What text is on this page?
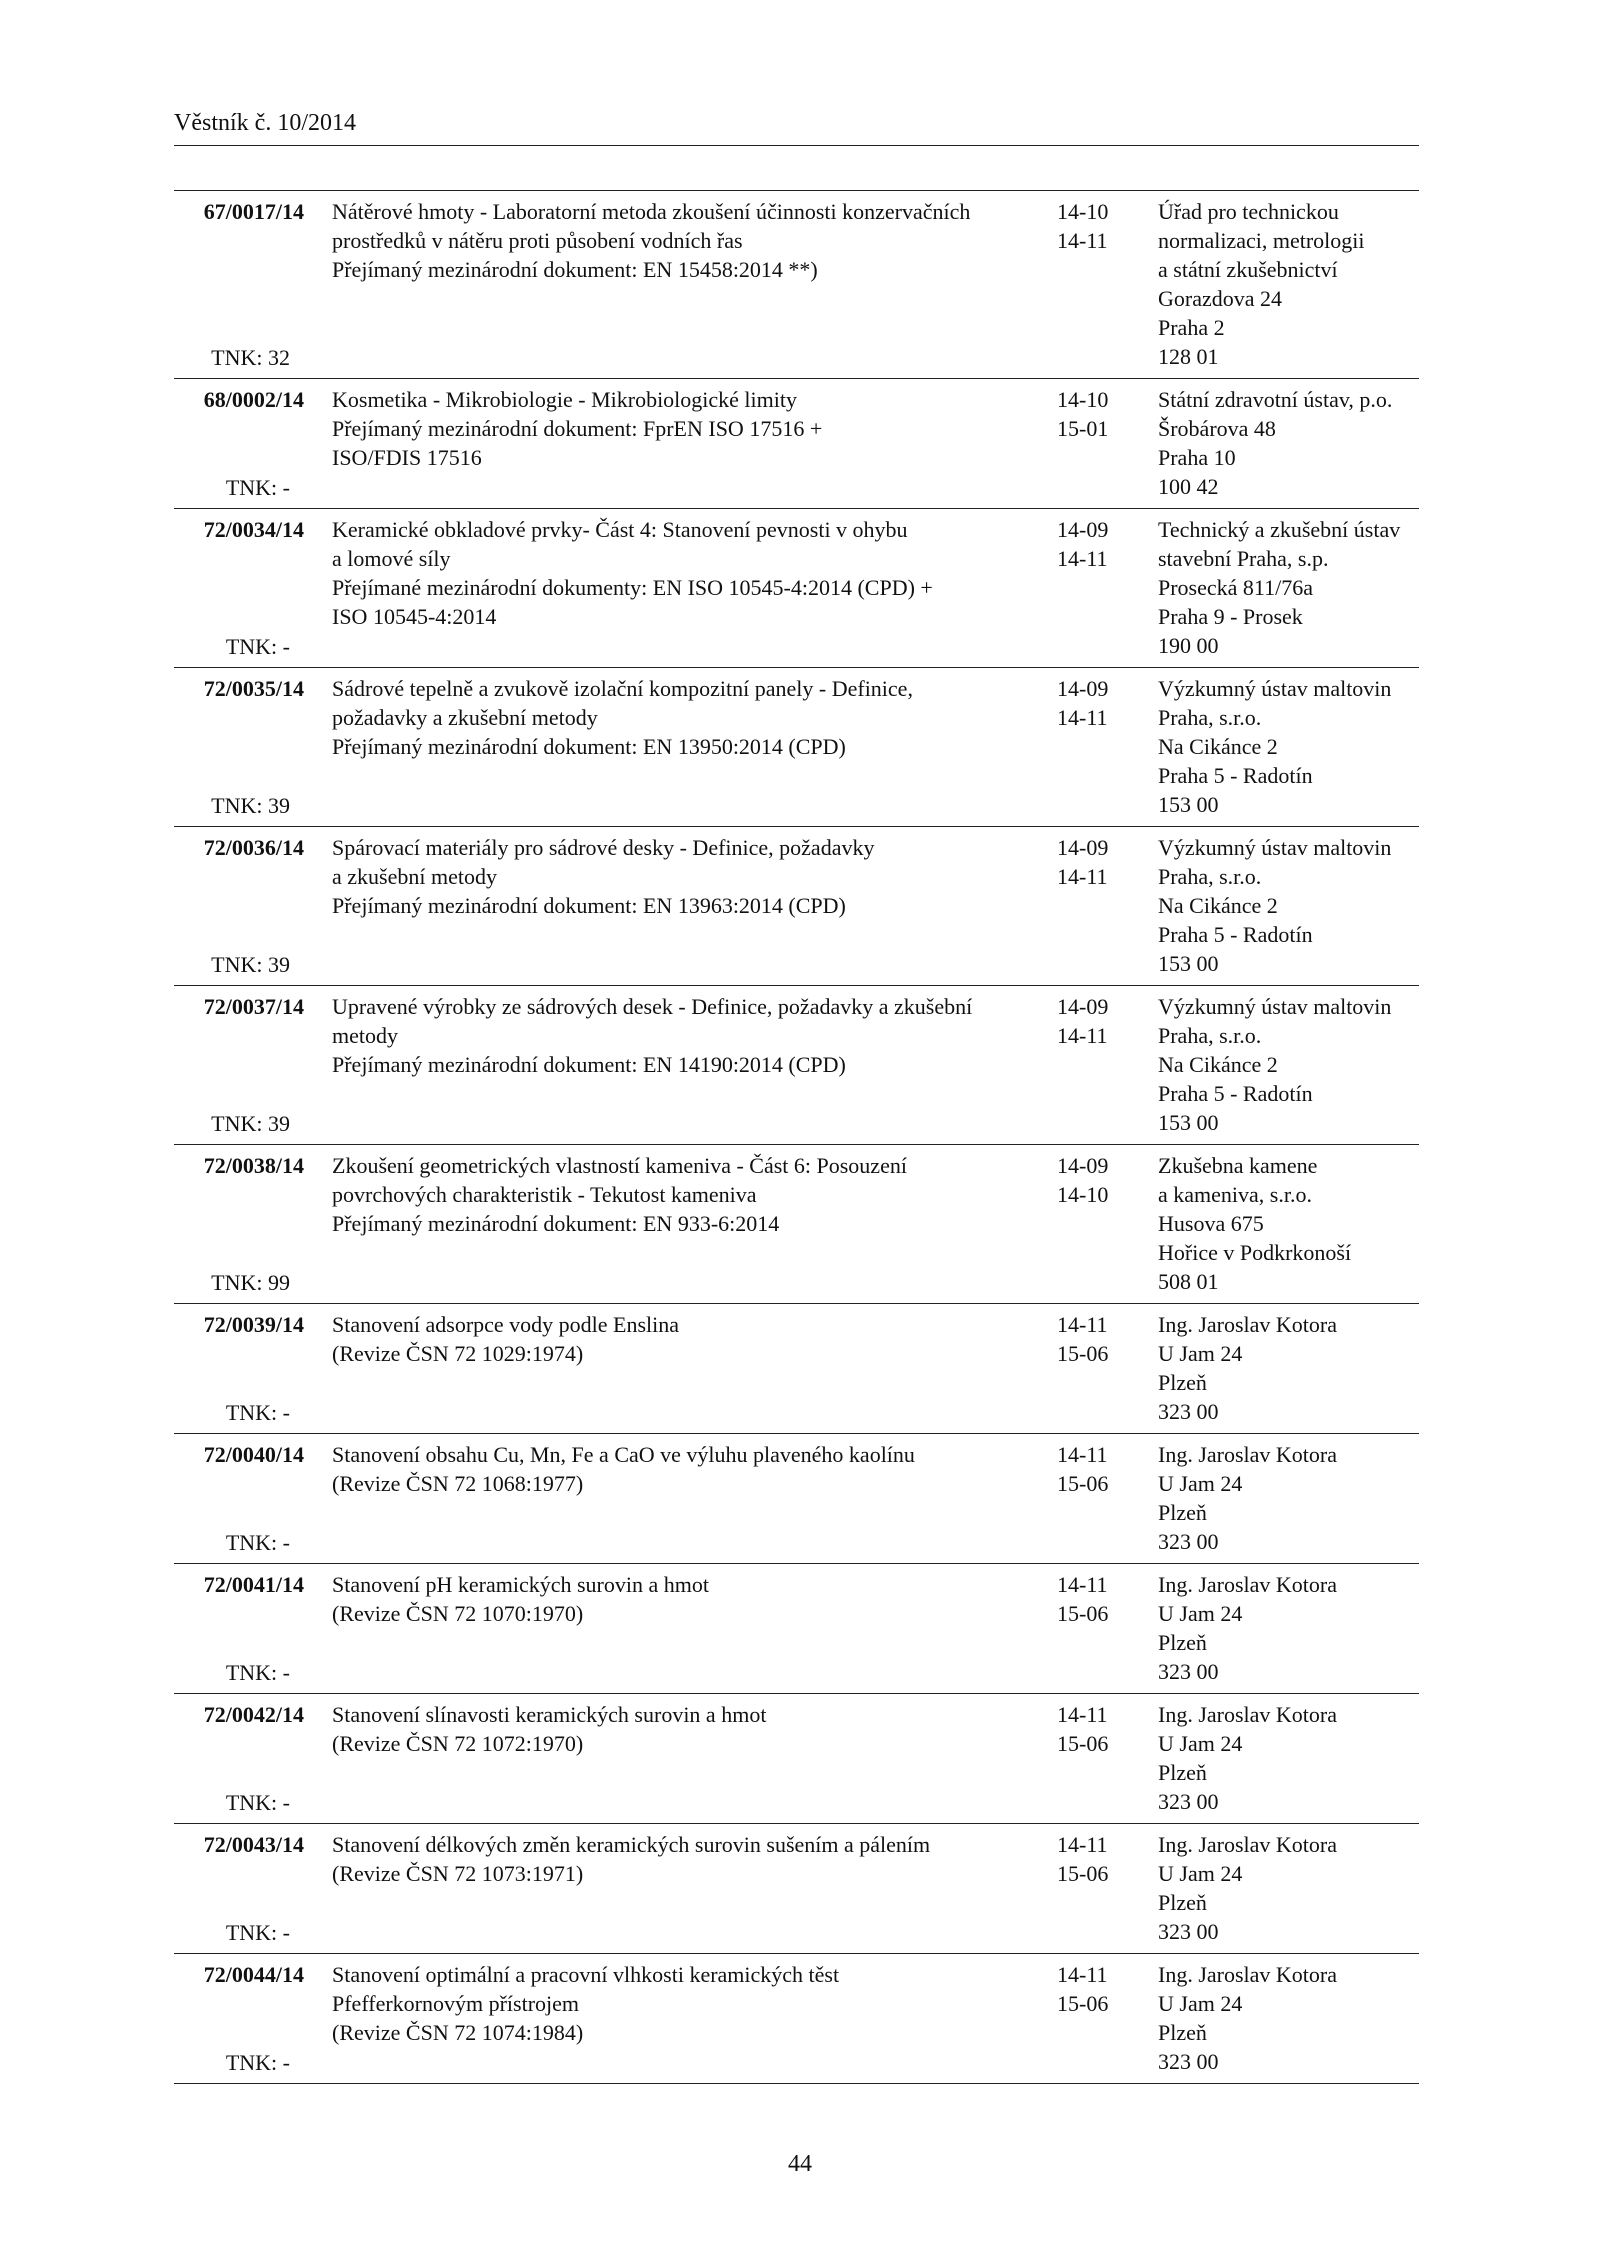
Věstník č. 10/2014
67/0017/14
TNK: 32
Nátěrové hmoty - Laboratorní metoda zkoušení účinnosti konzervačních
prostředků v nátěru proti působení vodních řas
Přejímaný mezinárodní dokument: EN 15458:2014 **)
14-10
14-11
Úřad pro technickou
normalizaci, metrologii
a státní zkušebnictví
Gorazdova 24
Praha 2
128 01
68/0002/14
TNK: -
Kosmetika - Mikrobiologie - Mikrobiologické limity
Přejímaný mezinárodní dokument: FprEN ISO 17516 +
ISO/FDIS 17516
14-10
15-01
Státní zdravotní ústav, p.o.
Šrobárova 48
Praha 10
100 42
72/0034/14
TNK: -
Keramické obkladové prvky- Část 4: Stanovení pevnosti v ohybu
a lomové síly
Přejímané mezinárodní dokumenty: EN ISO 10545-4:2014 (CPD) +
ISO 10545-4:2014
14-09
14-11
Technický a zkušební ústav
stavební Praha, s.p.
Prosecká 811/76a
Praha 9 - Prosek
190 00
72/0035/14
TNK: 39
Sádrové tepelně a zvukově izolační kompozitní panely - Definice,
požadavky a zkušební metody
Přejímaný mezinárodní dokument: EN 13950:2014 (CPD)
14-09
14-11
Výzkumný ústav maltovin
Praha, s.r.o.
Na Cikánce 2
Praha 5 - Radotín
153 00
72/0036/14
TNK: 39
Spárovací materiály pro sádrové desky - Definice, požadavky
a zkušební metody
Přejímaný mezinárodní dokument: EN 13963:2014 (CPD)
14-09
14-11
Výzkumný ústav maltovin
Praha, s.r.o.
Na Cikánce 2
Praha 5 - Radotín
153 00
72/0037/14
TNK: 39
Upravené výrobky ze sádrových desek - Definice, požadavky a zkušební
metody
Přejímaný mezinárodní dokument: EN 14190:2014 (CPD)
14-09
14-11
Výzkumný ústav maltovin
Praha, s.r.o.
Na Cikánce 2
Praha 5 - Radotín
153 00
72/0038/14
TNK: 99
Zkoušení geometrických vlastností kameniva - Část 6: Posouzení
povrchových charakteristik - Tekutost kameniva
Přejímaný mezinárodní dokument: EN 933-6:2014
14-09
14-10
Zkušebna kamene
a kameniva, s.r.o.
Husova 675
Hořice v Podkrkonoší
508 01
72/0039/14
TNK: -
Stanovení adsorpce vody podle Enslina
(Revize ČSN 72 1029:1974)
14-11
15-06
Ing. Jaroslav Kotora
U Jam 24
Plzeň
323 00
72/0040/14
TNK: -
Stanovení obsahu Cu, Mn, Fe a CaO ve výluhu plaveného kaolínu
(Revize ČSN 72 1068:1977)
14-11
15-06
Ing. Jaroslav Kotora
U Jam 24
Plzeň
323 00
72/0041/14
TNK: -
Stanovení pH keramických surovin a hmot
(Revize ČSN 72 1070:1970)
14-11
15-06
Ing. Jaroslav Kotora
U Jam 24
Plzeň
323 00
72/0042/14
TNK: -
Stanovení slínavosti keramických surovin a hmot
(Revize ČSN 72 1072:1970)
14-11
15-06
Ing. Jaroslav Kotora
U Jam 24
Plzeň
323 00
72/0043/14
TNK: -
Stanovení délkových změn keramických surovin sušením a pálením
(Revize ČSN 72 1073:1971)
14-11
15-06
Ing. Jaroslav Kotora
U Jam 24
Plzeň
323 00
72/0044/14
TNK: -
Stanovení optimální a pracovní vlhkosti keramických těst
Pfefferkornovým přístrojem
(Revize ČSN 72 1074:1984)
14-11
15-06
Ing. Jaroslav Kotora
U Jam 24
Plzeň
323 00
44
